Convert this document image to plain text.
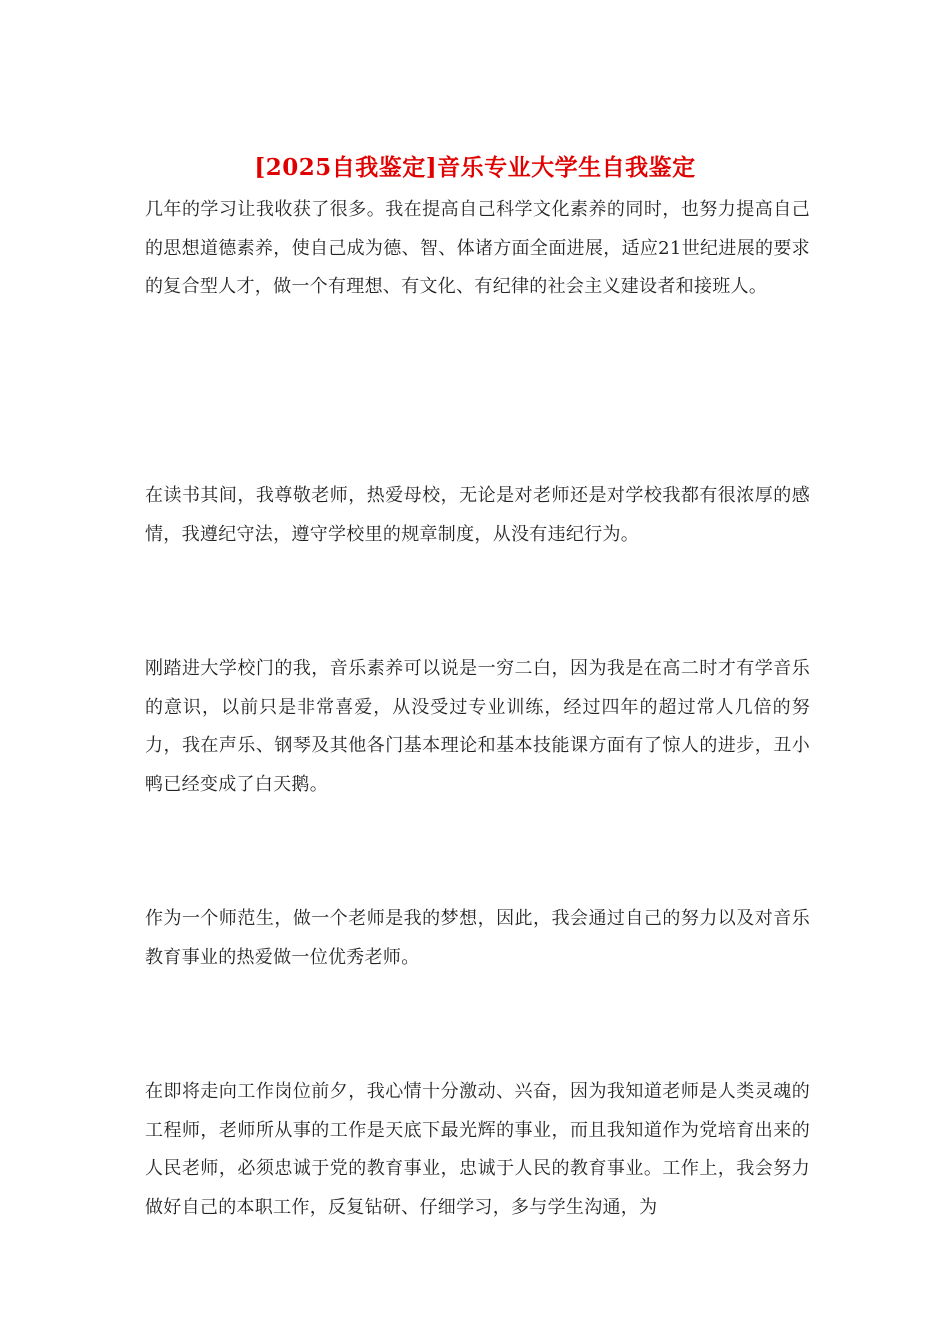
[2025自我鉴定]音乐专业大学生自我鉴定

几年的学习让我收获了很多。我在提高自己科学文化素养的同时，也努力提高自己的思想道德素养，使自己成为德、智、体诸方面全面进展，适应21世纪进展的要求的复合型人才，做一个有理想、有文化、有纪律的社会主义建设者和接班人。

在读书其间，我尊敬老师，热爱母校，无论是对老师还是对学校我都有很浓厚的感情，我遵纪守法，遵守学校里的规章制度，从没有违纪行为。

刚踏进大学校门的我，音乐素养可以说是一穷二白，因为我是在高二时才有学音乐的意识，以前只是非常喜爱，从没受过专业训练，经过四年的超过常人几倍的努力，我在声乐、钢琴及其他各门基本理论和基本技能课方面有了惊人的进步，丑小鸭已经变成了白天鹅。

作为一个师范生，做一个老师是我的梦想，因此，我会通过自己的努力以及对音乐教育事业的热爱做一位优秀老师。

在即将走向工作岗位前夕，我心情十分激动、兴奋，因为我知道老师是人类灵魂的工程师，老师所从事的工作是天底下最光辉的事业，而且我知道作为党培育出来的人民老师，必须忠诚于党的教育事业，忠诚于人民的教育事业。工作上，我会努力做好自己的本职工作，反复钻研、仔细学习，多与学生沟通，为
